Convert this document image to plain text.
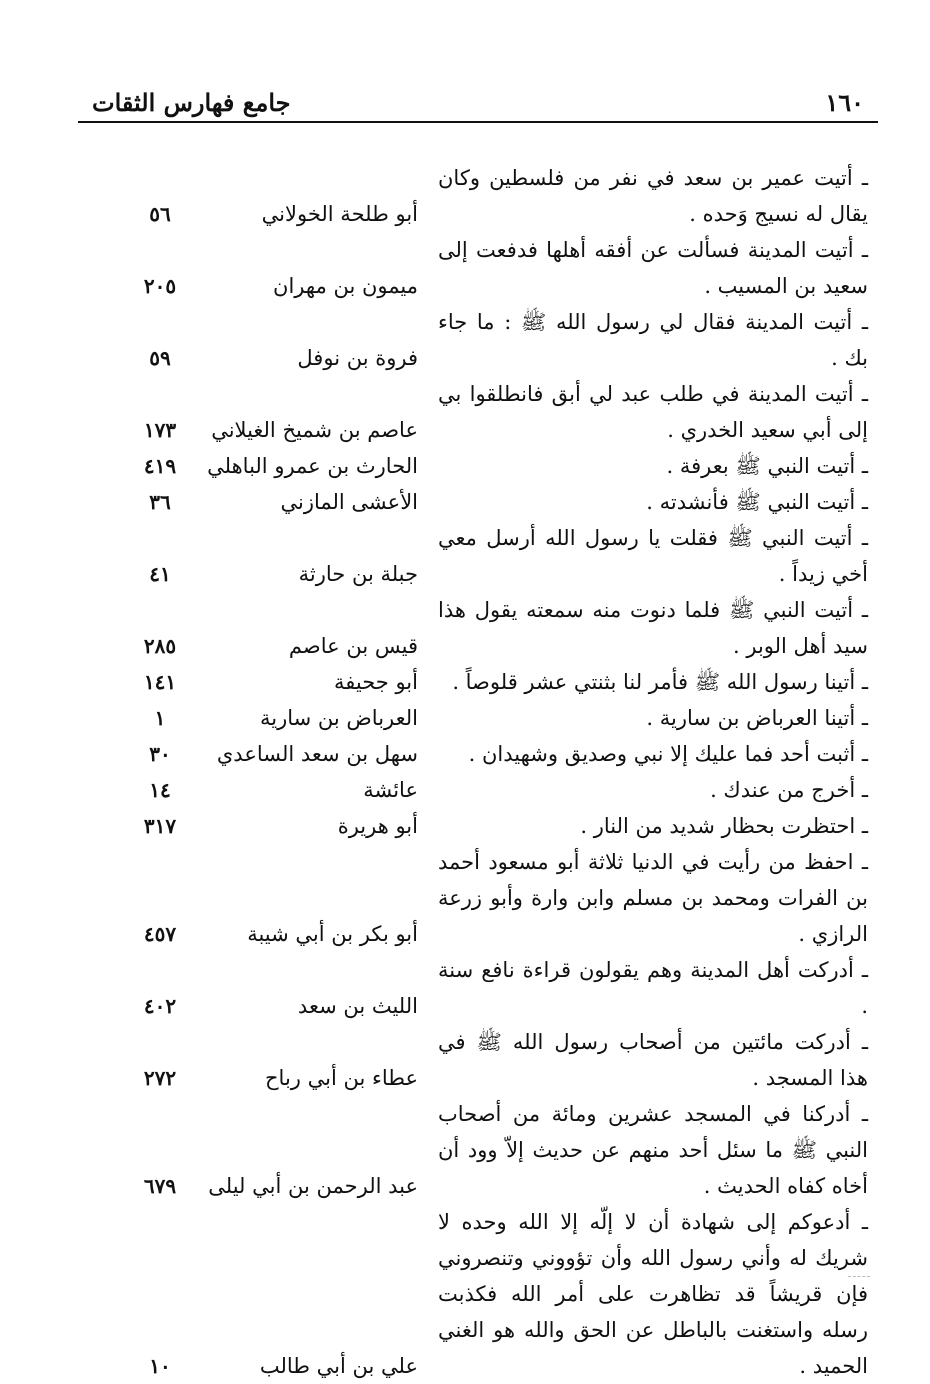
١٦٠
جامع فهارس الثقات
ـ أتيت عمير بن سعد في نفر من فلسطين وكان يقال له نسيج وَحده .
أبو طلحة الخولاني
٥٦
ـ أتيت المدينة فسألت عن أفقه أهلها فدفعت إلى سعيد بن المسيب .
ميمون بن مهران
٢٠٥
ـ أتيت المدينة فقال لي رسول الله ﷺ : ما جاء بك .
فروة بن نوفل
٥٩
ـ أتيت المدينة في طلب عبد لي أبق فانطلقوا بي إلى أبي سعيد الخدري .
عاصم بن شميخ الغيلاني
١٧٣
ـ أتيت النبي ﷺ بعرفة .
الحارث بن عمرو الباهلي
٤١٩
ـ أتيت النبي ﷺ فأنشدته .
الأعشى المازني
٣٦
ـ أتيت النبي ﷺ فقلت يا رسول الله أرسل معي أخي زيداً .
جبلة بن حارثة
٤١
ـ أتيت النبي ﷺ فلما دنوت منه سمعته يقول هذا سيد أهل الوبر .
قيس بن عاصم
٢٨٥
ـ أتينا رسول الله ﷺ فأمر لنا بثنتي عشر قلوصاً .
أبو جحيفة
١٤١
ـ أتينا العرباض بن سارية .
العرباض بن سارية
١
ـ أثبت أحد فما عليك إلا نبي وصديق وشهيدان .
سهل بن سعد الساعدي
٣٠
ـ أخرج من عندك .
عائشة
١٤
ـ احتظرت بحظار شديد من النار .
أبو هريرة
٣١٧
ـ احفظ من رأيت في الدنيا ثلاثة أبو مسعود أحمد بن الفرات ومحمد بن مسلم وابن وارة وأبو زرعة الرازي .
أبو بكر بن أبي شيبة
٤٥٧
ـ أدركت أهل المدينة وهم يقولون قراءة نافع سنة .
الليث بن سعد
٤٠٢
ـ أدركت مائتين من أصحاب رسول الله ﷺ في هذا المسجد .
عطاء بن أبي رباح
٢٧٢
ـ أدركنا في المسجد عشرين ومائة من أصحاب النبي ﷺ ما سئل أحد منهم عن حديث إلاّ وود أن أخاه كفاه الحديث .
عبد الرحمن بن أبي ليلى
٦٧٩
ـ أدعوكم إلى شهادة أن لا إلّه إلا الله وحده لا شريك له وأني رسول الله وأن تؤووني وتنصروني فإن قريشاً قد تظاهرت على أمر الله فكذبت رسله واستغنت بالباطل عن الحق والله هو الغني الحميد .
علي بن أبي طالب
١٠
